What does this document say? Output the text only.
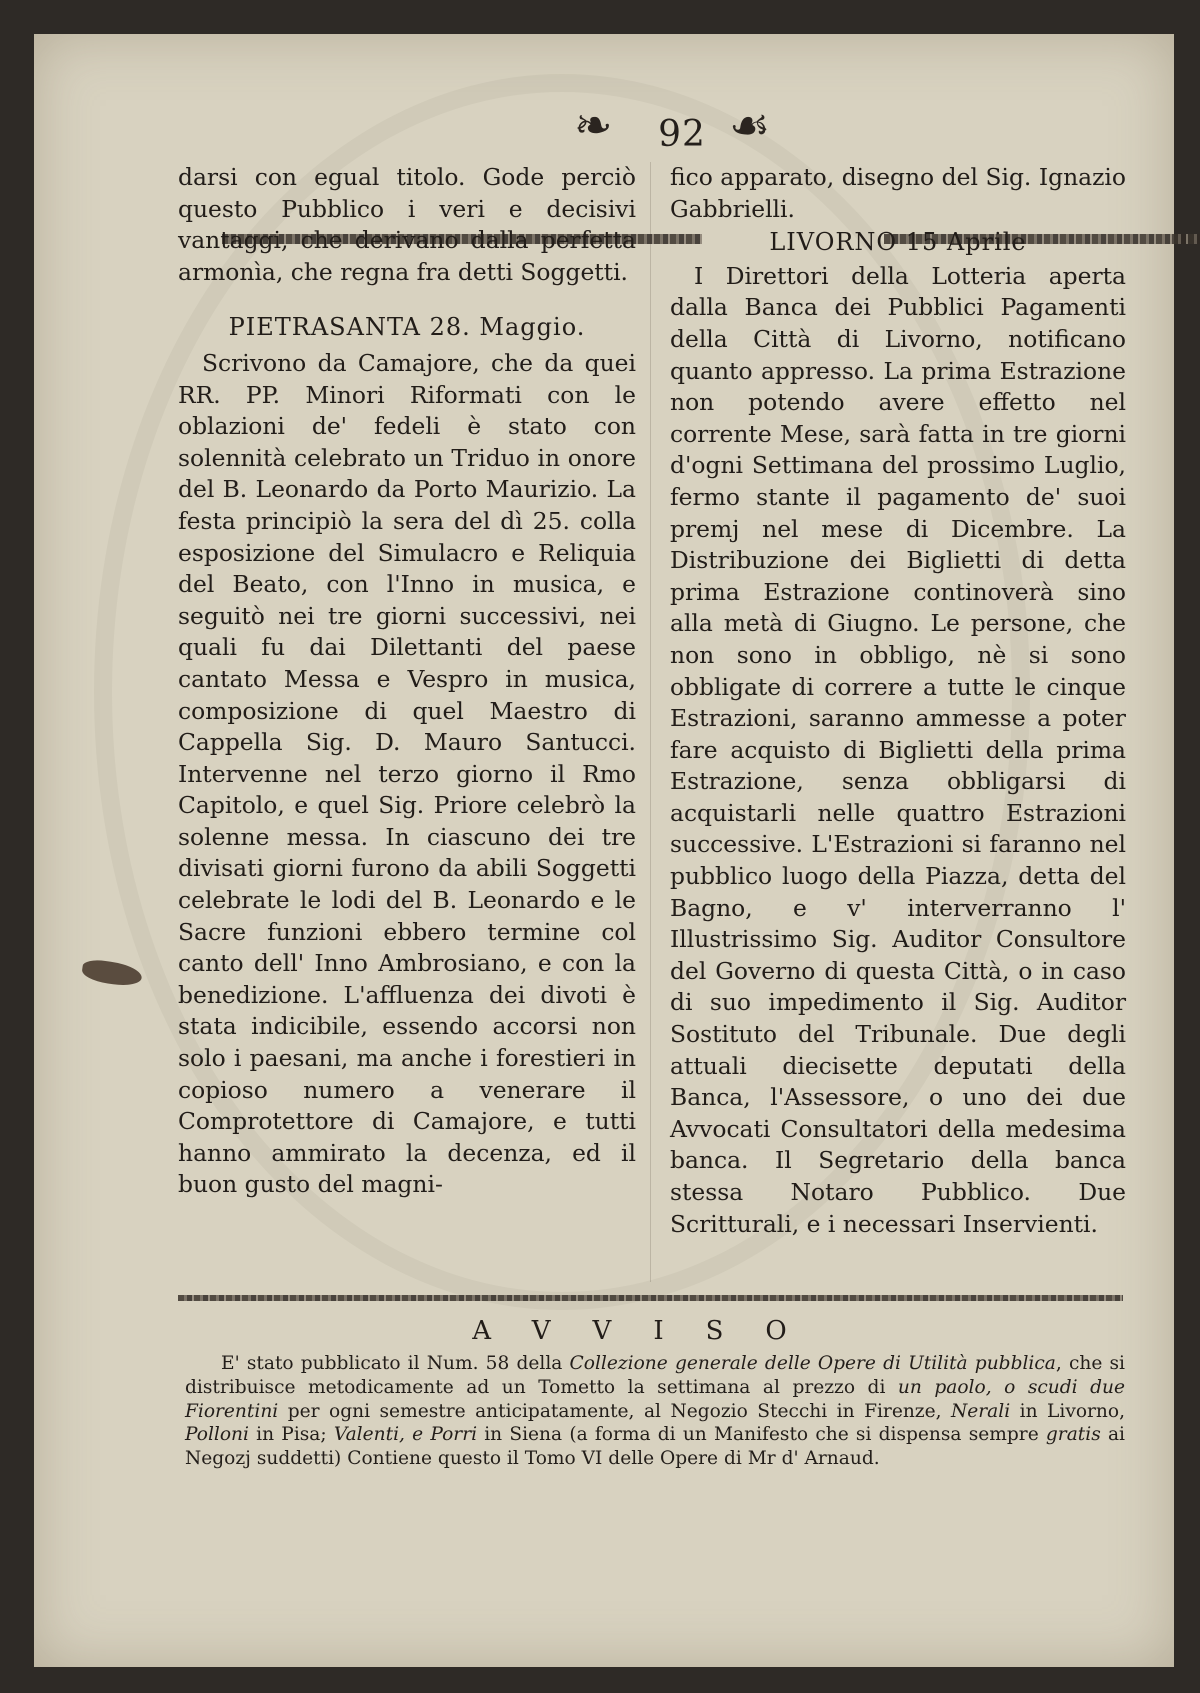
❧	92 ☙

darsi con egual titolo. Gode perciò questo Pubblico i veri e decisivi vantaggi, che derivano dalla perfetta armonìa, che regna fra detti Soggetti.

PIETRASANTA 28. Maggio.

Scrivono da Camajore, che da quei RR. PP. Minori Riformati con le oblazioni de' fedeli è stato con solennità celebrato un Triduo in onore del B. Leonardo da Porto Maurizio. La festa principiò la sera del dì 25. colla esposizione del Simulacro e Reliquia del Beato, con l'Inno in musica, e seguitò nei tre giorni successivi, nei quali fu dai Dilettanti del paese cantato Messa e Vespro in musica, composizione di quel Maestro di Cappella Sig. D. Mauro Santucci. Intervenne nel terzo giorno il Rmo Capitolo, e quel Sig. Priore celebrò la solenne messa. In ciascuno dei tre divisati giorni furono da abili Soggetti celebrate le lodi del B. Leonardo e le Sacre funzioni ebbero termine col canto dell' Inno Ambrosiano, e con la benedizione. L'affluenza dei divoti è stata indicibile, essendo accorsi non solo i paesani, ma anche i forestieri in copioso numero a venerare il Comprotettore di Camajore, e tutti hanno ammirato la decenza, ed il buon gusto del magni-

fico apparato, disegno del Sig. Ignazio Gabbrielli.

LIVORNO 15 Aprile

I Direttori della Lotteria aperta dalla Banca dei Pubblici Pagamenti della Città di Livorno, notificano quanto appresso. La prima Estrazione non potendo avere effetto nel corrente Mese, sarà fatta in tre giorni d'ogni Settimana del prossimo Luglio, fermo stante il pagamento de' suoi premj nel mese di Dicembre. La Distribuzione dei Biglietti di detta prima Estrazione continoverà sino alla metà di Giugno. Le persone, che non sono in obbligo, nè si sono obbligate di correre a tutte le cinque Estrazioni, saranno ammesse a poter fare acquisto di Biglietti della prima Estrazione, senza obbligarsi di acquistarli nelle quattro Estrazioni successive. L'Estrazioni si faranno nel pubblico luogo della Piazza, detta del Bagno, e v' interverranno l' Illustrissimo Sig. Auditor Consultore del Governo di questa Città, o in caso di suo impedimento il Sig. Auditor Sostituto del Tribunale. Due degli attuali diecisette deputati della Banca, l'Assessore, o uno dei due Avvocati Consultatori della medesima banca. Il Segretario della banca stessa Notaro Pubblico. Due Scritturali, e i necessari Inservienti.

AVVISO

E' stato pubblicato il Num. 58 della Collezione generale delle Opere di Utilità pubblica, che si distribuisce metodicamente ad un Tometto la settimana al prezzo di un paolo, o scudi due Fiorentini per ogni semestre anticipatamente, al Negozio Stecchi in Firenze, Nerali in Livorno, Polloni in Pisa; Valenti, e Porri in Siena (a forma di un Manifesto che si dispensa sempre gratis ai Negozj suddetti) Contiene questo il Tomo VI delle Opere di Mr d' Arnaud.
